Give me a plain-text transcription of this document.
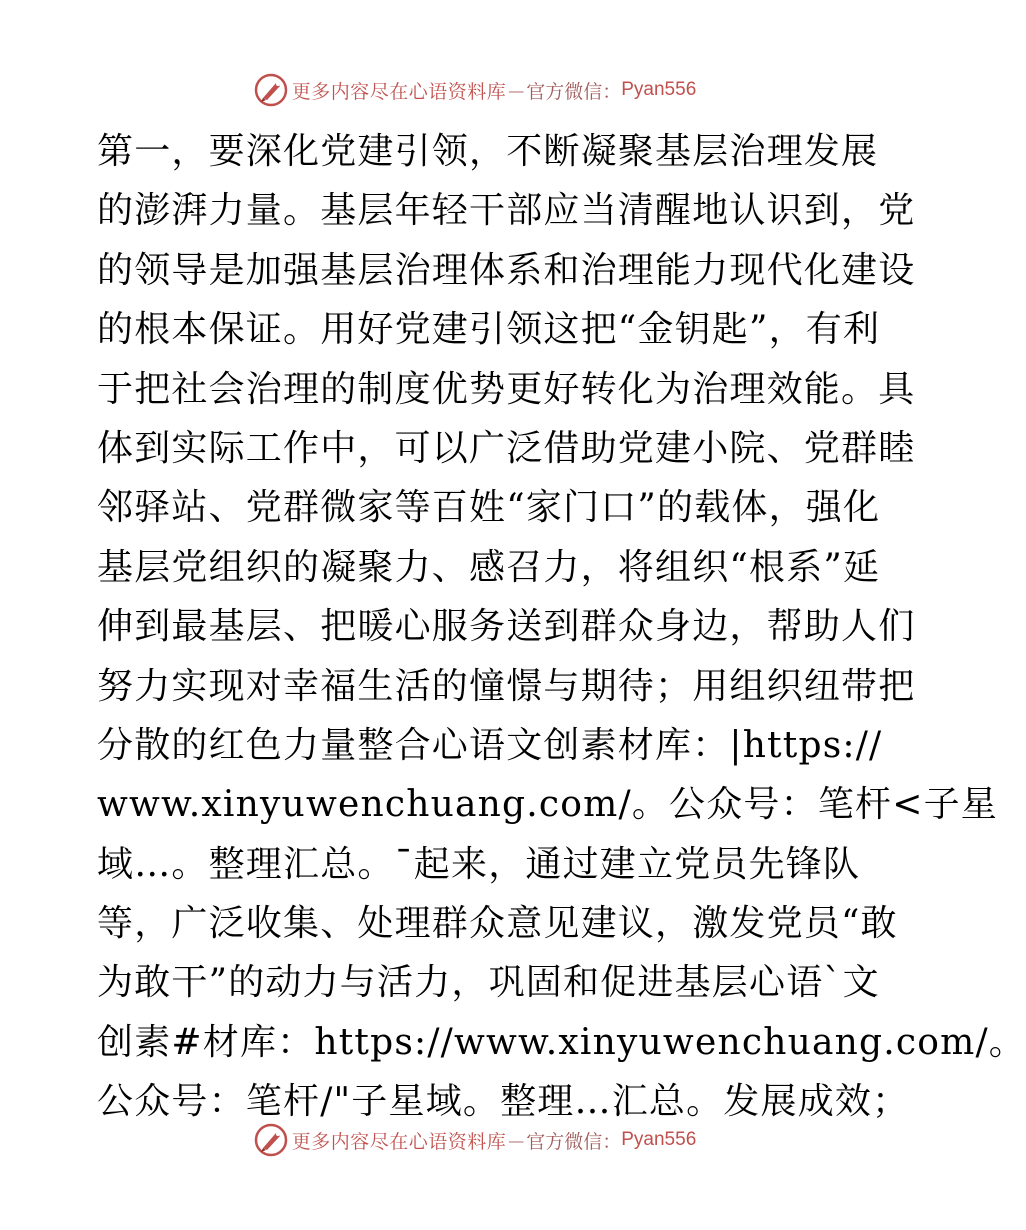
更多内容尽在心语资料库 — 官方微信： Pyan556
第一，要深化党建引领，不断凝聚基层治理发展
的澎湃力量。基层年轻干部应当清醒地认识到，党
的领导是加强基层治理体系和治理能力现代化建设
的根本保证。用好党建引领这把“金钥匙”，有利
于把社会治理的制度优势更好转化为治理效能。具
体到实际工作中，可以广泛借助党建小院、党群睦
邻驿站、党群微家等百姓“家门口”的载体，强化
基层党组织的凝聚力、感召力，将组织“根系”延
伸到最基层、把暖心服务送到群众身边，帮助人们
努力实现对幸福生活的憧憬与期待；用组织纽带把
分散的红色力量整合心语文创素材库：|https://
www.xinyuwenchuang.com/。公众号：笔杆<子星
域…。整理汇总。¯起来，通过建立党员先锋队
等，广泛收集、处理群众意见建议，激发党员“敢
为敢干”的动力与活力，巩固和促进基层心语`文
创素#材库：https://www.xinyuwenchuang.com/。
公众号：笔杆/"子星域。整理…汇总。发展成效；
更多内容尽在心语资料库 — 官方微信： Pyan556
